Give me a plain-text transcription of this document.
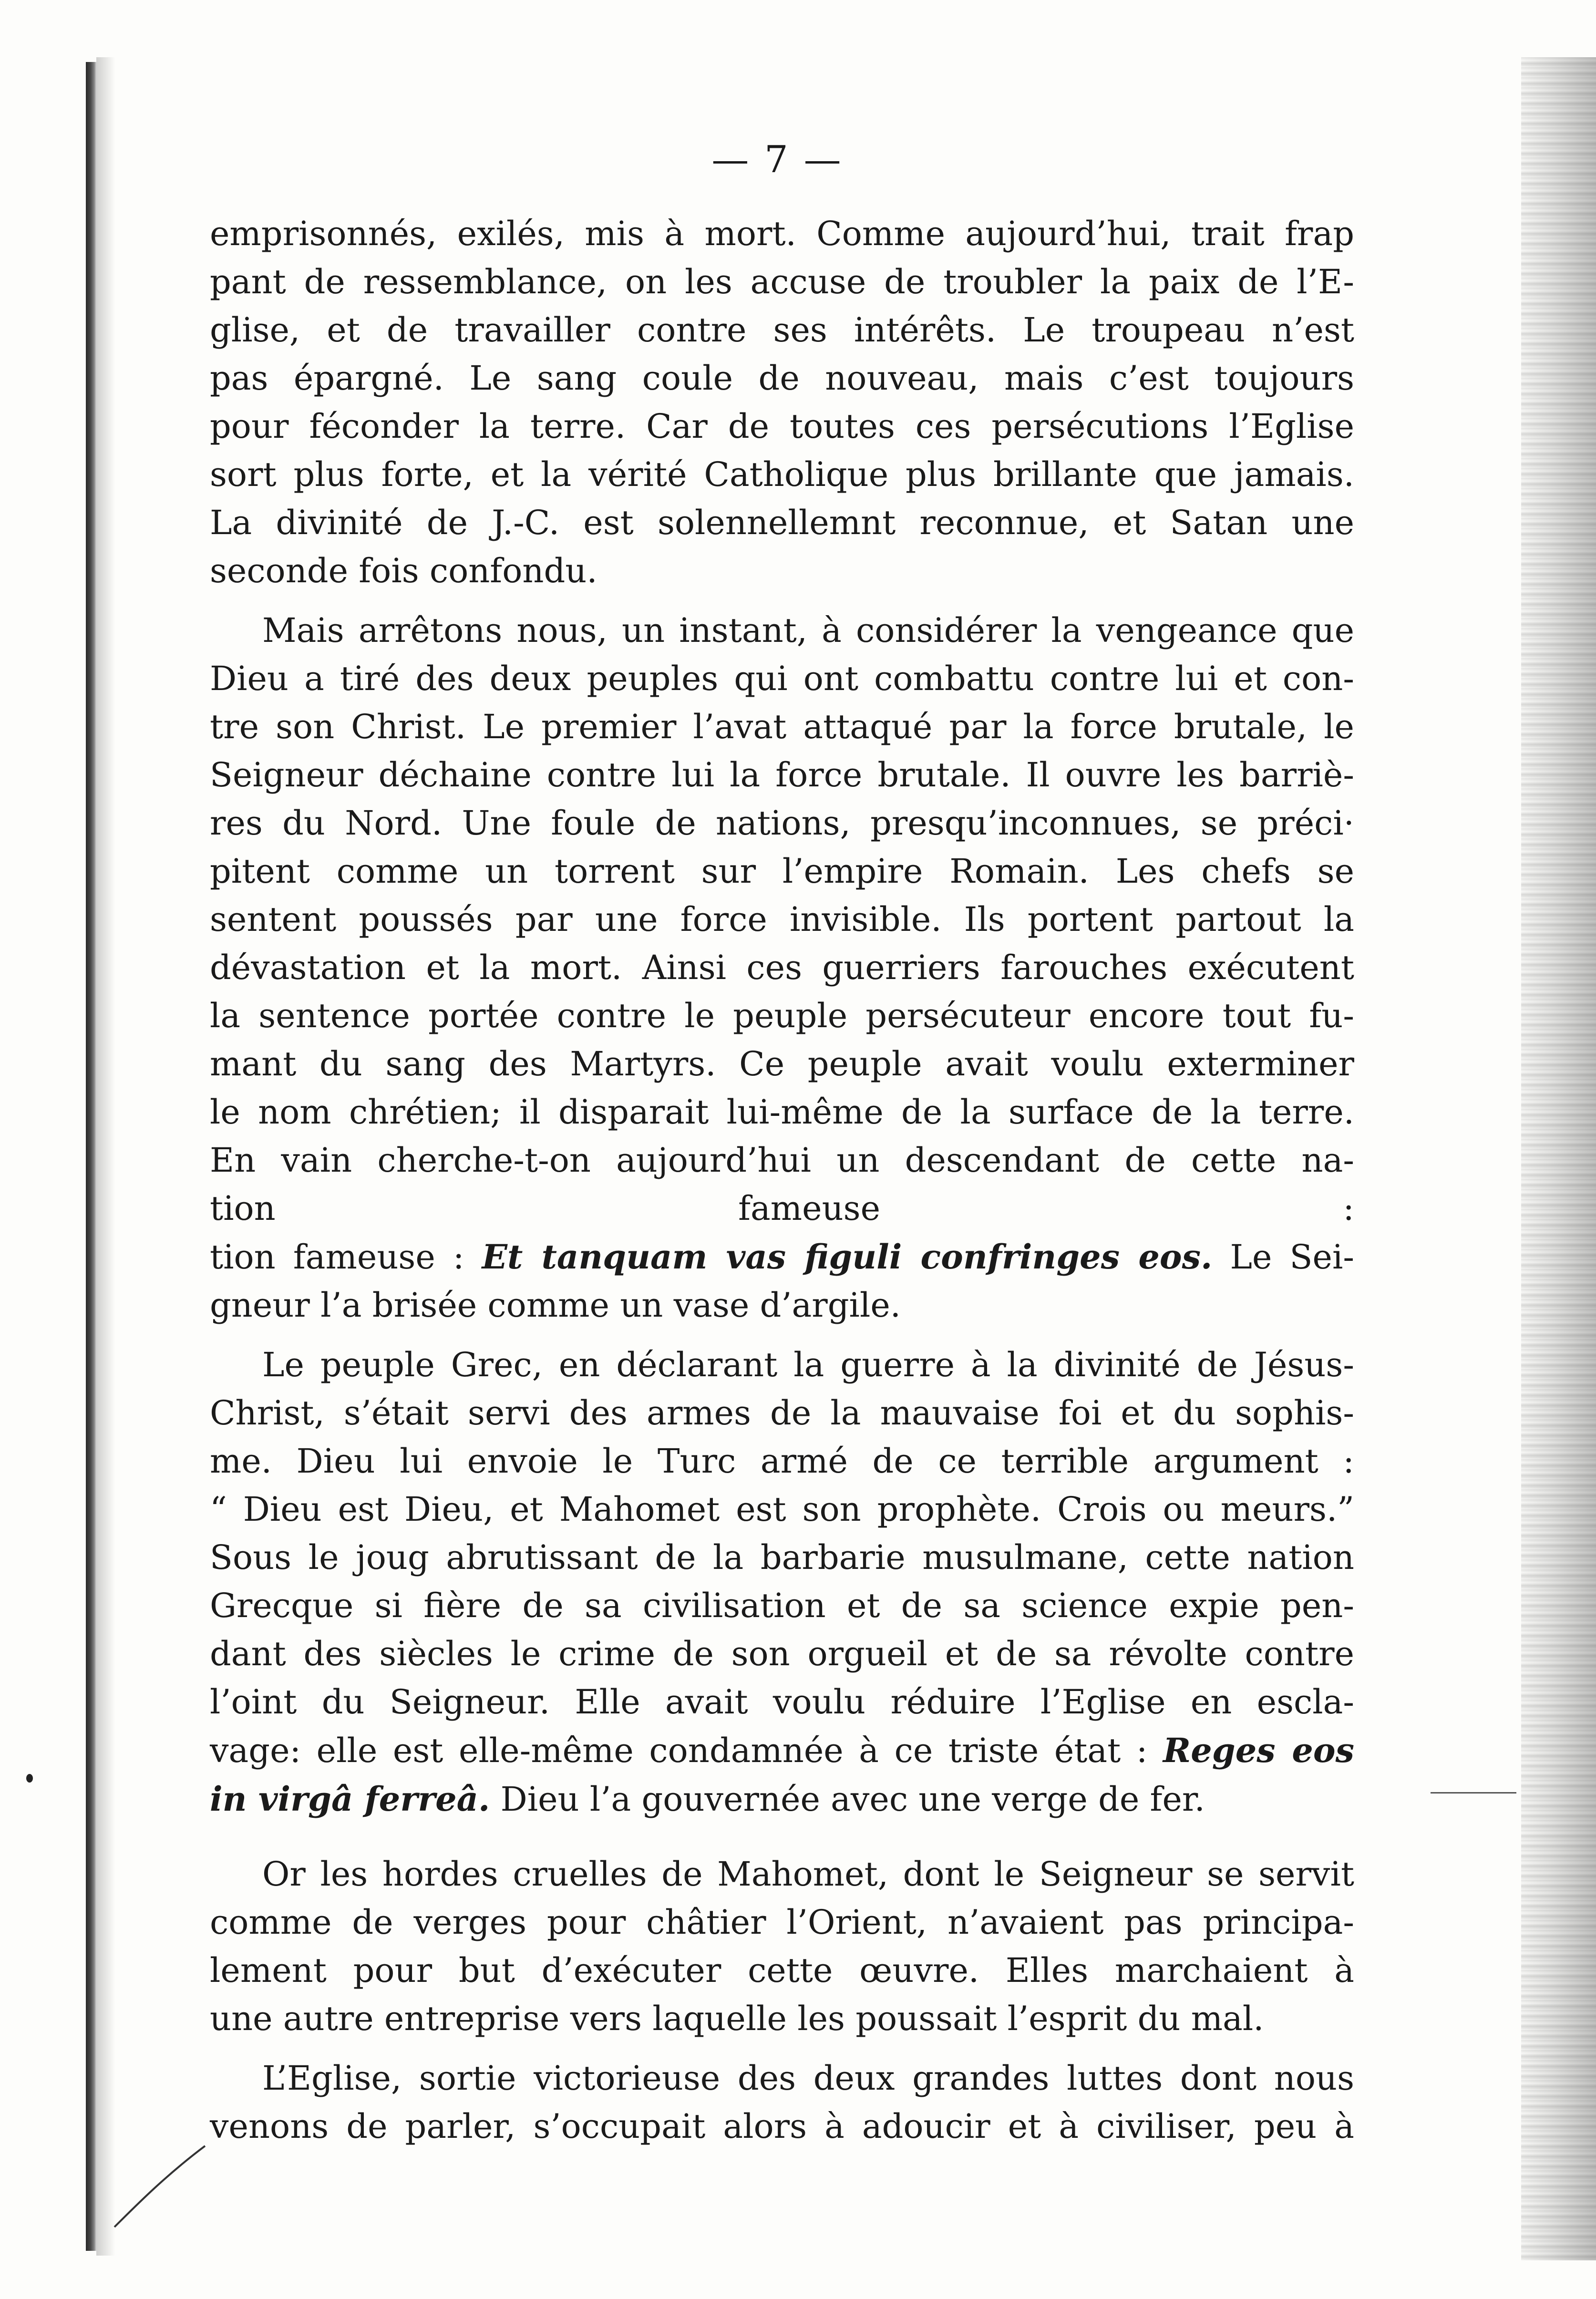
— 7 —

emprisonnés, exilés, mis à mort. Comme aujourd’hui, trait frap
pant de ressemblance, on les accuse de troubler la paix de l’E-
glise, et de travailler contre ses intérêts. Le troupeau n’est
pas épargné. Le sang coule de nouveau, mais c’est toujours
pour féconder la terre. Car de toutes ces persécutions l’Eglise
sort plus forte, et la vérité Catholique plus brillante que jamais.
La divinité de J.-C. est solennellemnt reconnue, et Satan une
seconde fois confondu.

Mais arrêtons nous, un instant, à considérer la vengeance que
Dieu a tiré des deux peuples qui ont combattu contre lui et con-
tre son Christ. Le premier l’avat attaqué par la force brutale, le
Seigneur déchaine contre lui la force brutale. Il ouvre les barriè-
res du Nord. Une foule de nations, presqu’inconnues, se préci·
pitent comme un torrent sur l’empire Romain. Les chefs se
sentent poussés par une force invisible. Ils portent partout la
dévastation et la mort. Ainsi ces guerriers farouches exécutent
la sentence portée contre le peuple persécuteur encore tout fu-
mant du sang des Martyrs. Ce peuple avait voulu exterminer
le nom chrétien; il disparait lui-même de la surface de la terre.
En vain cherche-t-on aujourd’hui un descendant de cette na-
tion fameuse :
tion fameuse : Et tanquam vas figuli confringes eos. Le Sei-
gneur l’a brisée comme un vase d’argile.

Le peuple Grec, en déclarant la guerre à la divinité de Jésus-
Christ, s’était servi des armes de la mauvaise foi et du sophis-
me. Dieu lui envoie le Turc armé de ce terrible argument :
“ Dieu est Dieu, et Mahomet est son prophète. Crois ou meurs.”
Sous le joug abrutissant de la barbarie musulmane, cette nation
Grecque si fière de sa civilisation et de sa science expie pen-
dant des siècles le crime de son orgueil et de sa révolte contre
l’oint du Seigneur. Elle avait voulu réduire l’Eglise en escla-
vage: elle est elle-même condamnée à ce triste état : Reges eos
in virgâ ferreâ. Dieu l’a gouvernée avec une verge de fer.

Or les hordes cruelles de Mahomet, dont le Seigneur se servit
comme de verges pour châtier l’Orient, n’avaient pas principa-
lement pour but d’exécuter cette œuvre. Elles marchaient à
une autre entreprise vers laquelle les poussait l’esprit du mal.

L’Eglise, sortie victorieuse des deux grandes luttes dont nous
venons de parler, s’occupait alors à adoucir et à civiliser, peu à
